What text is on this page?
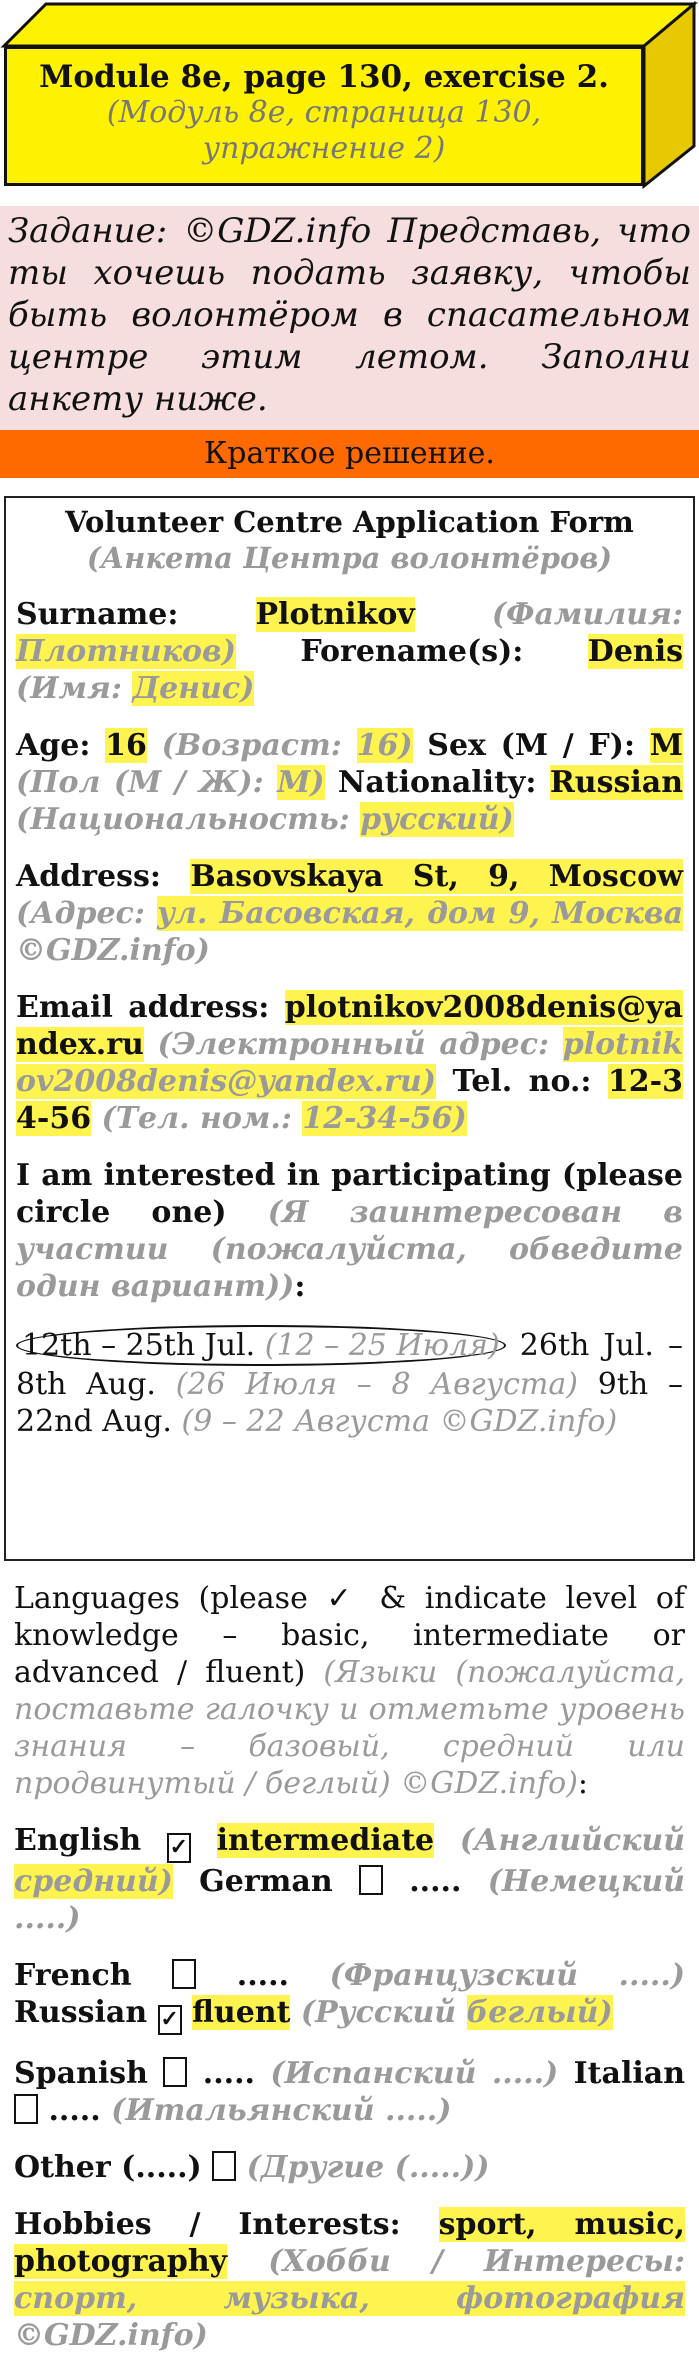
Module 8e, page 130, exercise 2.
(Модуль 8е, страница 130,
упражнение 2)
Задание: ©GDZ.info Представь, что ты хочешь подать заявку, чтобы быть волонтёром в спасательном центре этим летом. Заполни анкету ниже.
Краткое решение.
Volunteer Centre Application Form
(Анкета Центра волонтёров)
Surname:	Plotnikov	(Фамилия: Плотников) Forename(s): Denis (Имя: Денис)
Age: 16 (Возраст: 16) Sex (M / F): M (Пол (М / Ж): М) Nationality: Russian (Национальность: русский)
Address: Basovskaya St, 9, Moscow (Адрес: ул. Басовская, дом 9, Москва ©GDZ.info)
Email address: plotnikov2008denis@yandex.ru (Электронный адрес: plotnikov2008denis@yandex.ru) Tel. no.: 12-34-56 (Тел. ном.: 12-34-56)
I am interested in participating (please circle one) (Я заинтересован в участии (пожалуйста, обведите один вариант)):
12th – 25th Jul. (12 – 25 Июля) 26th Jul. – 8th Aug. (26 Июля – 8 Августа) 9th – 22nd Aug. (9 – 22 Августа ©GDZ.info)
Languages (please ✓ & indicate level of knowledge – basic, intermediate or advanced / fluent) (Языки (пожалуйста, поставьте галочку и отметьте уровень знания – базовый, средний или продвинутый / беглый) ©GDZ.info):
English ✓ intermediate (Английский средний) German	..... (Немецкий .....)
French	..... (Французский .....) Russian ✓ fluent (Русский беглый)
Spanish ..... (Испанский .....) Italian  ..... (Итальянский .....)
Other (.....) (Другие (.....))
Hobbies / Interests: sport, music, photography (Хобби / Интересы: спорт, музыка, фотография ©GDZ.info)
